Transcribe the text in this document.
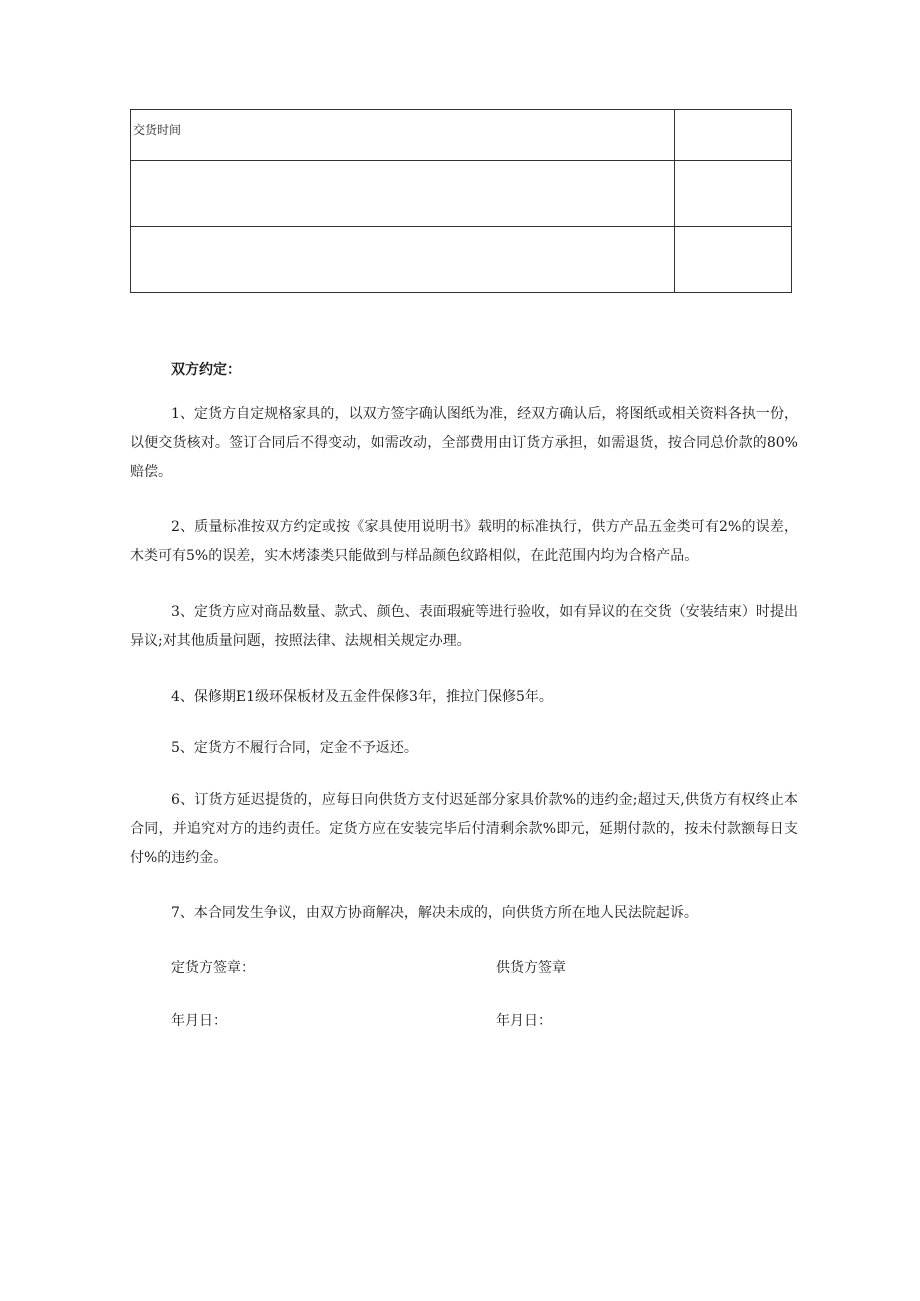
交货时间	

双方约定：

1、定货方自定规格家具的，以双方签字确认图纸为准，经双方确认后，将图纸或相关资料各执一份，以便交货核对。签订合同后不得变动，如需改动，全部费用由订货方承担，如需退货，按合同总价款的80%赔偿。

2、质量标准按双方约定或按《家具使用说明书》载明的标准执行，供方产品五金类可有2%的误差，木类可有5%的误差，实木烤漆类只能做到与样品颜色纹路相似，在此范围内均为合格产品。

3、定货方应对商品数量、款式、颜色、表面瑕疵等进行验收，如有异议的在交货（安装结束）时提出异议;对其他质量问题，按照法律、法规相关规定办理。

4、保修期E1级环保板材及五金件保修3年，推拉门保修5年。

5、定货方不履行合同，定金不予返还。

6、订货方延迟提货的，应每日向供货方支付迟延部分家具价款%的违约金;超过天,供货方有权终止本合同，并追究对方的违约责任。定货方应在安装完毕后付清剩余款%即元，延期付款的，按未付款额每日支付%的违约金。

7、本合同发生争议，由双方协商解决，解决未成的，向供货方所在地人民法院起诉。

定货方签章：	供货方签章

年月日：	年月日：
